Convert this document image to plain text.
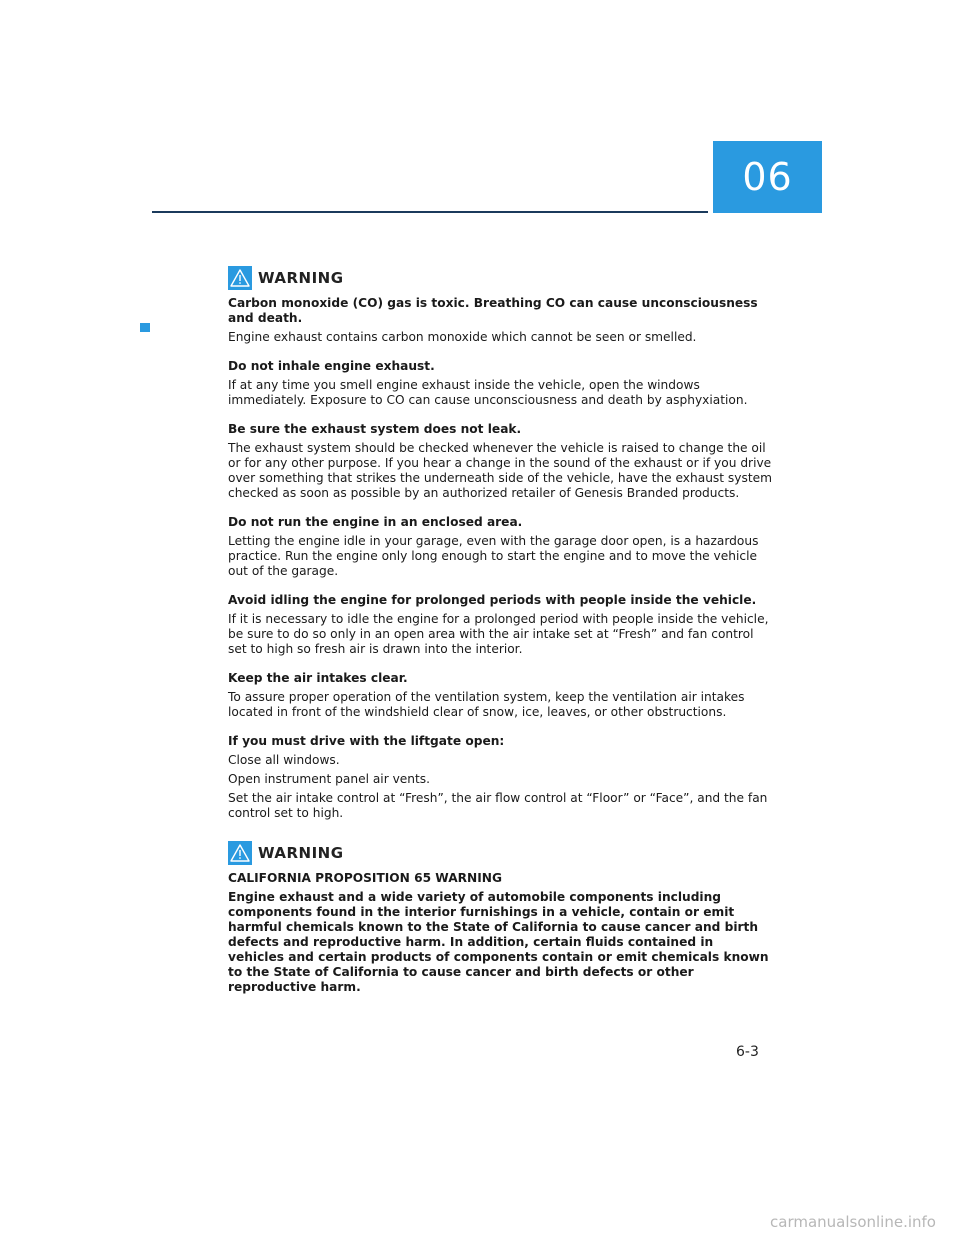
06
WARNING

Carbon monoxide (CO) gas is toxic. Breathing CO can cause unconsciousness and death.

Engine exhaust contains carbon monoxide which cannot be seen or smelled.

Do not inhale engine exhaust.

If at any time you smell engine exhaust inside the vehicle, open the windows immediately. Exposure to CO can cause unconsciousness and death by asphyxiation.

Be sure the exhaust system does not leak.

The exhaust system should be checked whenever the vehicle is raised to change the oil or for any other purpose. If you hear a change in the sound of the exhaust or if you drive over something that strikes the underneath side of the vehicle, have the exhaust system checked as soon as possible by an authorized retailer of Genesis Branded products.

Do not run the engine in an enclosed area.

Letting the engine idle in your garage, even with the garage door open, is a hazardous practice. Run the engine only long enough to start the engine and to move the vehicle out of the garage.

Avoid idling the engine for prolonged periods with people inside the vehicle.

If it is necessary to idle the engine for a prolonged period with people inside the vehicle, be sure to do so only in an open area with the air intake set at “Fresh” and fan control set to high so fresh air is drawn into the interior.

Keep the air intakes clear.

To assure proper operation of the ventilation system, keep the ventilation air intakes located in front of the windshield clear of snow, ice, leaves, or other obstructions.

If you must drive with the liftgate open:

Close all windows.

Open instrument panel air vents.

Set the air intake control at “Fresh”, the air flow control at “Floor” or “Face”, and the fan control set to high.

WARNING

CALIFORNIA PROPOSITION 65 WARNING

Engine exhaust and a wide variety of automobile components including components found in the interior furnishings in a vehicle, contain or emit harmful chemicals known to the State of California to cause cancer and birth defects and reproductive harm. In addition, certain fluids contained in vehicles and certain products of components contain or emit chemicals known to the State of California to cause cancer and birth defects or other reproductive harm.

6-3
carmanualsonline.info
